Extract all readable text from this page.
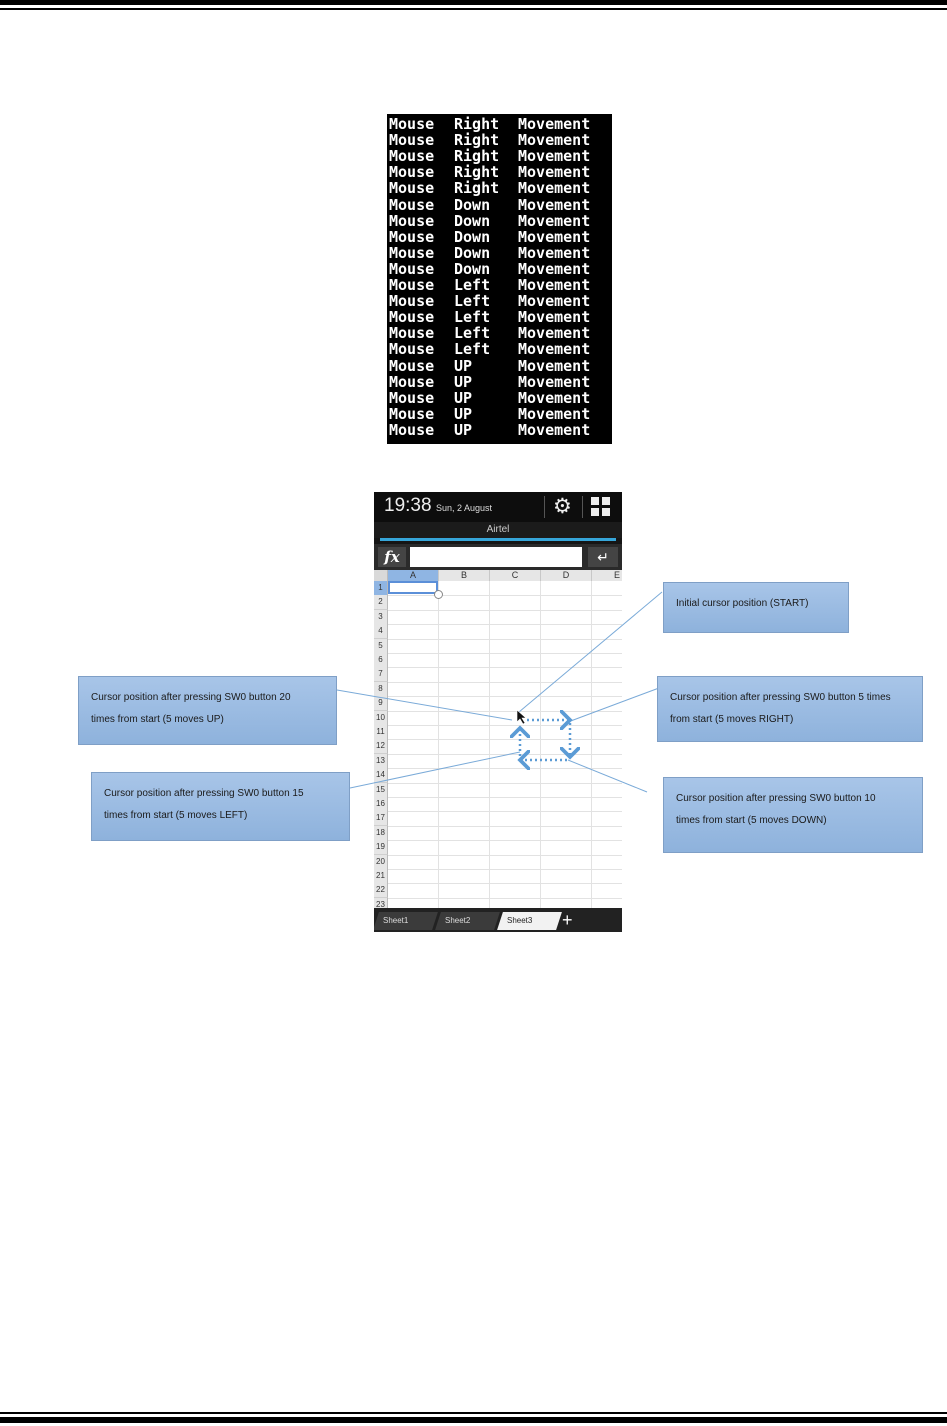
Mouse Right Movement
Mouse Right Movement
Mouse Right Movement
Mouse Right Movement
Mouse Right Movement
Mouse Down Movement
Mouse Down Movement
Mouse Down Movement
Mouse Down Movement
Mouse Down Movement
Mouse Left Movement
Mouse Left Movement
Mouse Left Movement
Mouse Left Movement
Mouse Left Movement
Mouse UP	Movement
Mouse UP	Movement
Mouse UP	Movement
Mouse UP	Movement
Mouse UP	Movement
19:38 Sun, 2 August	⚙
Airtel
fx	↵
A	B	C	D	E
1
2
3
4
5
6
7
8
9
10
11
12
13
14
15
16
17
18
19
20
21
22
23
Sheet3
Sheet2
Sheet1	+
Initial cursor position (START)
Cursor position after pressing SW0 button 5 times
from start (5 moves RIGHT)
Cursor position after pressing SW0 button 10
times from start (5 moves DOWN)
Cursor position after pressing SW0 button 20
times from start (5 moves UP)
Cursor position after pressing SW0 button 15
times from start (5 moves LEFT)
